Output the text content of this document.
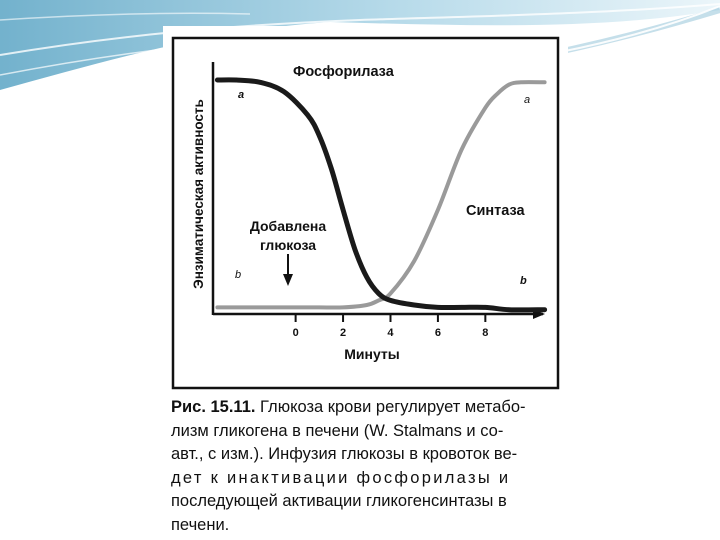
Энзиматическая активность
0	2	4	6	8
Минуты
Фосфорилаза
Синтаза
a
b
b
a
Добавлена
глюкоза

Рис. 15.11. Глюкоза крови регулирует метабо-
лизм гликогена в печени (W. Stalmans и со-
авт., с изм.). Инфузия глюкозы в кровоток ве-
дет к инактивации фосфорилазы и
последующей активации гликогенсинтазы в
печени.
